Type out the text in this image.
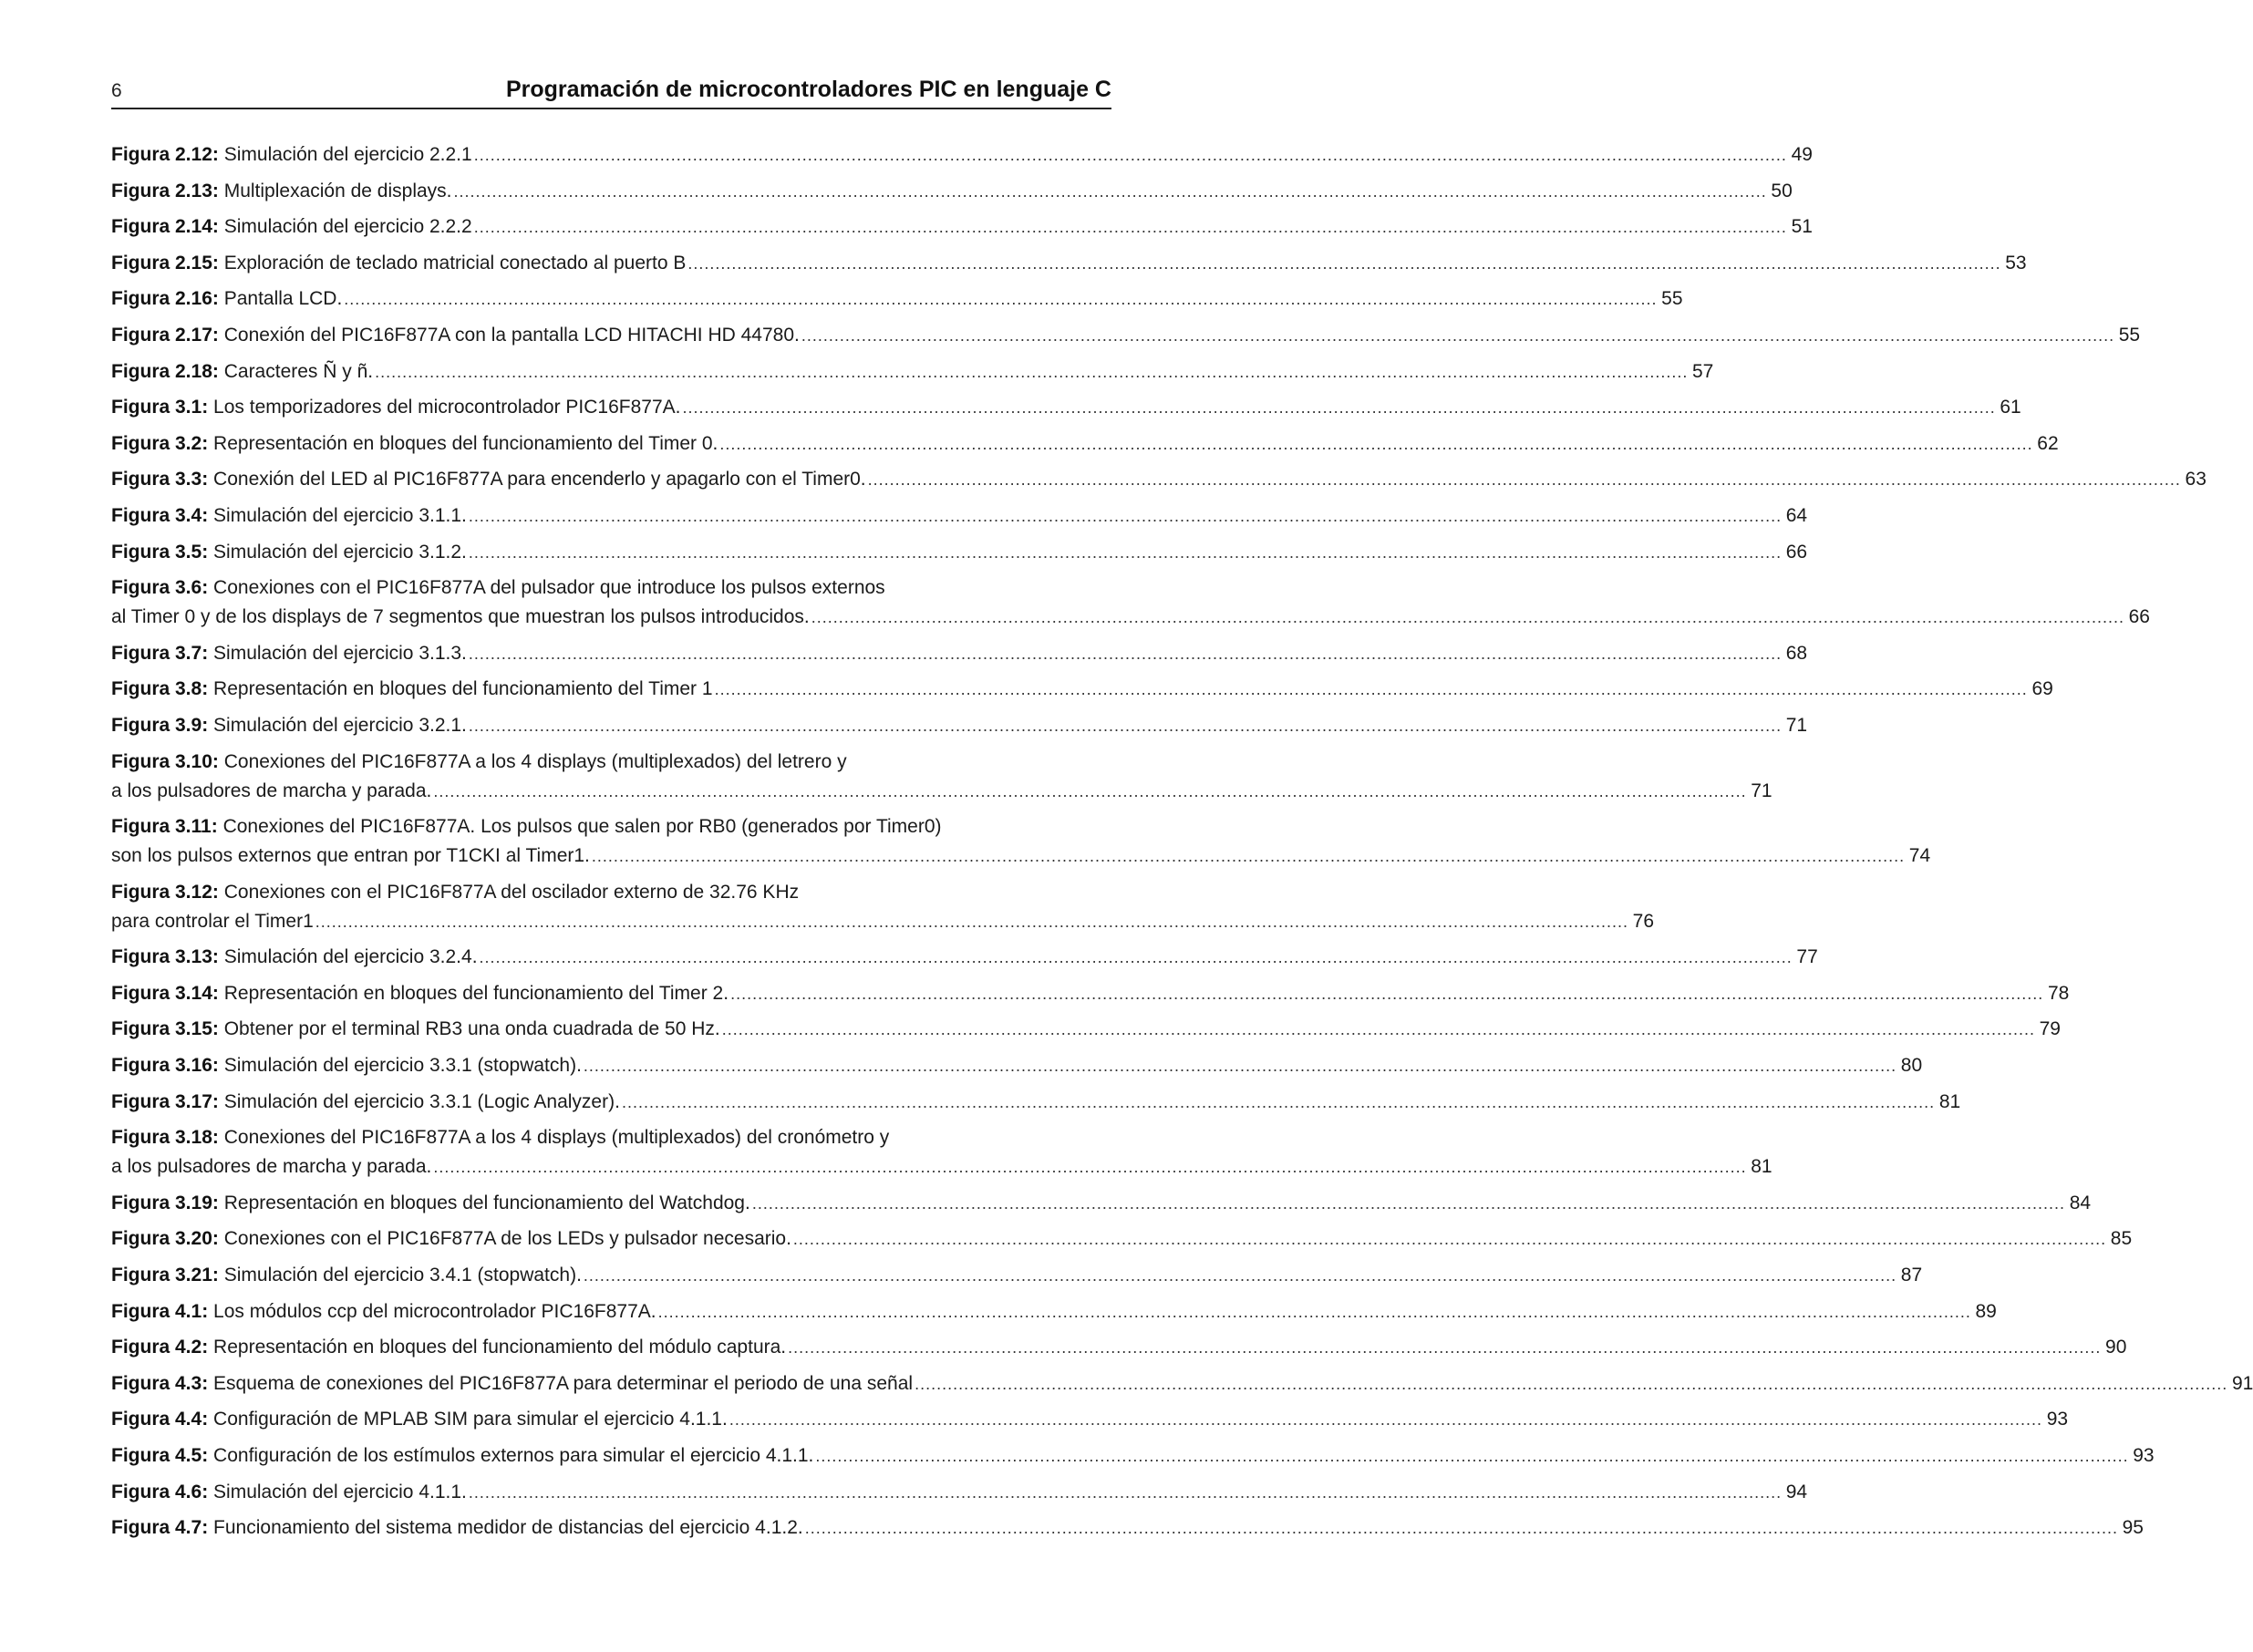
6	Programación de microcontroladores PIC en lenguaje C
Figura 2.12: Simulación del ejercicio 2.2.1 .....	49
Figura 2.13: Multiplexación de displays. .....	50
Figura 2.14: Simulación del ejercicio 2.2.2 .....	51
Figura 2.15: Exploración de teclado matricial conectado al puerto B .....	53
Figura 2.16: Pantalla LCD. .....	55
Figura 2.17: Conexión del PIC16F877A con la pantalla LCD HITACHI HD 44780. .....	55
Figura 2.18: Caracteres Ñ y ñ. .....	57
Figura 3.1: Los temporizadores del microcontrolador PIC16F877A. .....	61
Figura 3.2: Representación en bloques del funcionamiento del Timer 0. .....	62
Figura 3.3: Conexión del LED al PIC16F877A para encenderlo y apagarlo con el Timer0. .....	63
Figura 3.4: Simulación del ejercicio 3.1.1. .....	64
Figura 3.5: Simulación del ejercicio 3.1.2. .....	66
Figura 3.6: Conexiones con el PIC16F877A del pulsador que introduce los pulsos externos
al Timer 0 y de los displays de 7 segmentos que muestran los pulsos introducidos. .....	66
Figura 3.7: Simulación del ejercicio 3.1.3. .....	68
Figura 3.8: Representación en bloques del funcionamiento del Timer 1 .....	69
Figura 3.9: Simulación del ejercicio 3.2.1. .....	71
Figura 3.10: Conexiones del PIC16F877A a los 4 displays (multiplexados) del letrero y
a los pulsadores de marcha y parada. .....	71
Figura 3.11: Conexiones del PIC16F877A. Los pulsos que salen por RB0 (generados por Timer0)
son los pulsos externos que entran por T1CKI al Timer1. .....	74
Figura 3.12: Conexiones con el PIC16F877A del oscilador externo de 32.76 KHz
para controlar el Timer1 .....	76
Figura 3.13: Simulación del ejercicio 3.2.4. .....	77
Figura 3.14: Representación en bloques del funcionamiento del Timer 2. .....	78
Figura 3.15: Obtener por el terminal RB3 una onda cuadrada de 50 Hz. .....	79
Figura 3.16: Simulación del ejercicio 3.3.1 (stopwatch). .....	80
Figura 3.17: Simulación del ejercicio 3.3.1 (Logic Analyzer). .....	81
Figura 3.18: Conexiones del PIC16F877A a los 4 displays (multiplexados) del cronómetro y
a los pulsadores de marcha y parada. .....	81
Figura 3.19: Representación en bloques del funcionamiento del Watchdog. .....	84
Figura 3.20: Conexiones con el PIC16F877A de los LEDs y pulsador necesario. .....	85
Figura 3.21: Simulación del ejercicio 3.4.1 (stopwatch). .....	87
Figura 4.1: Los módulos ccp del microcontrolador PIC16F877A. .....	89
Figura 4.2: Representación en bloques del funcionamiento del módulo captura. .....	90
Figura 4.3: Esquema de conexiones del PIC16F877A para determinar el periodo de una señal .....	91
Figura 4.4: Configuración de MPLAB SIM para simular el ejercicio 4.1.1. .....	93
Figura 4.5: Configuración de los estímulos externos para simular el ejercicio 4.1.1. .....	93
Figura 4.6: Simulación del ejercicio 4.1.1. .....	94
Figura 4.7: Funcionamiento del sistema medidor de distancias del ejercicio 4.1.2. .....	95
